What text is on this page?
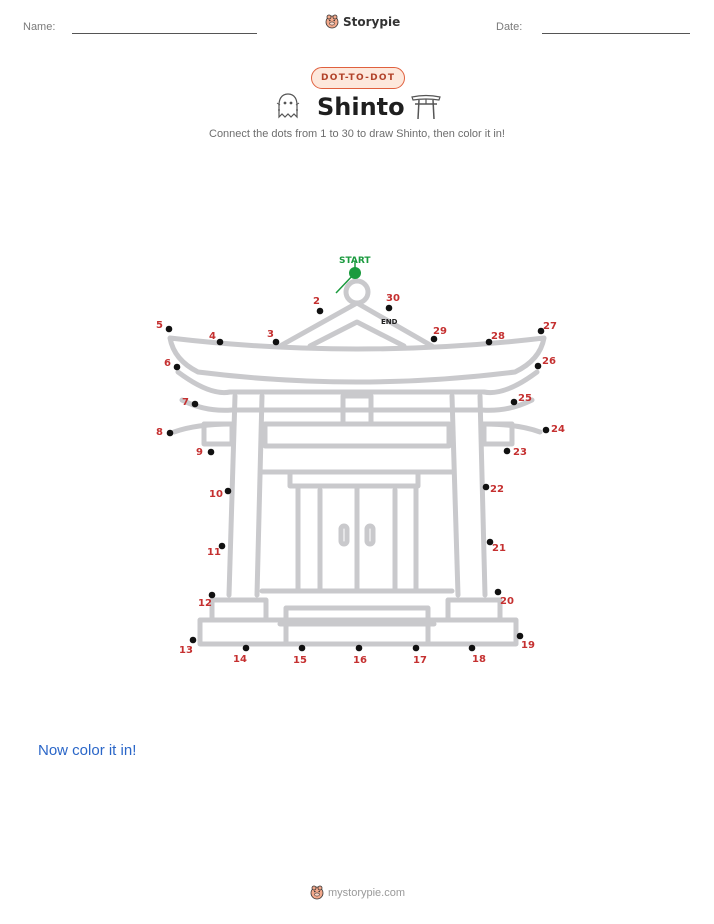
Name:	Storypie	Date:
DOT-TO-DOT
Shinto
Connect the dots from 1 to 30 to draw Shinto, then color it in!
START
END
2
3
4
5
6
7
8
9
10
11
12
13
14	15	16	17	18
19
20
21
22
23
24
25
26
27
28
29
30
Now color it in!
mystorypie.com
